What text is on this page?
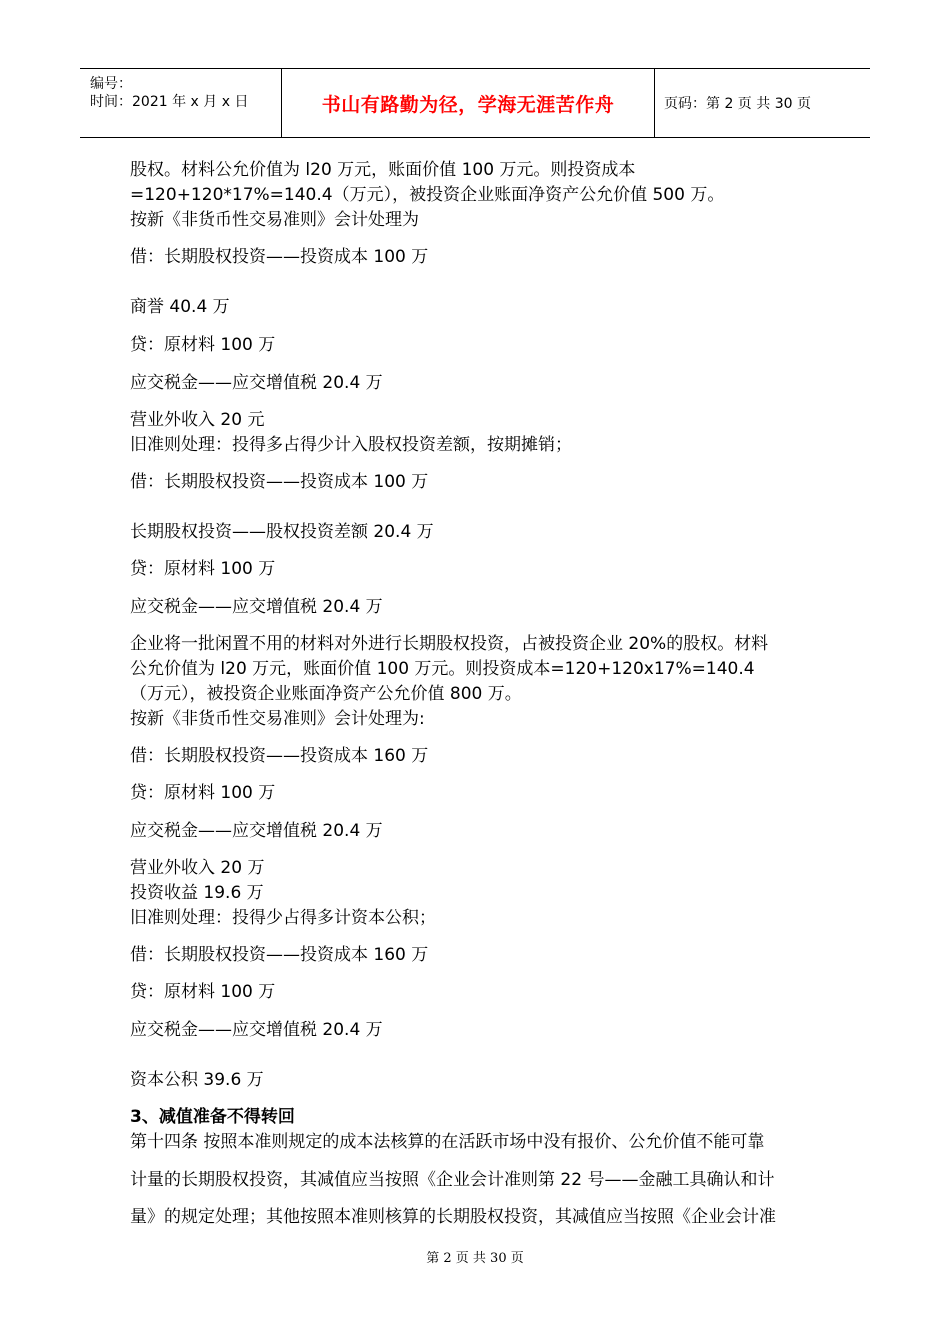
编号：
时间：2021 年 x 月 x 日	书山有路勤为径，学海无涯苦作舟	页码：第 2 页 共 30 页
股权。材料公允价值为 l20 万元，账面价值 100 万元。则投资成本
=120+120*17%=140.4（万元），被投资企业账面净资产公允价值 500 万。
按新《非货币性交易准则》会计处理为
借：长期股权投资——投资成本 100 万
商誉 40.4 万
贷：原材料 100 万
应交税金——应交增值税 20.4 万
营业外收入 20 元
旧准则处理：投得多占得少计入股权投资差额，按期摊销；
借：长期股权投资——投资成本 100 万
长期股权投资——股权投资差额 20.4 万
贷：原材料 100 万
应交税金——应交增值税 20.4 万
企业将一批闲置不用的材料对外进行长期股权投资，占被投资企业 20%的股权。材料
公允价值为 l20 万元，账面价值 100 万元。则投资成本=120+120x17%=140.4
（万元），被投资企业账面净资产公允价值 800 万。
按新《非货币性交易准则》会计处理为:
借：长期股权投资——投资成本 160 万
贷：原材料 100 万
应交税金——应交增值税 20.4 万
营业外收入 20 万
投资收益 19.6 万
旧准则处理：投得少占得多计资本公积；
借：长期股权投资——投资成本 160 万
贷：原材料 100 万
应交税金——应交增值税 20.4 万
资本公积 39.6 万
3、减值准备不得转回
第十四条 按照本准则规定的成本法核算的在活跃市场中没有报价、公允价值不能可靠
计量的长期股权投资，其减值应当按照《企业会计准则第 22 号——金融工具确认和计
量》的规定处理；其他按照本准则核算的长期股权投资，其减值应当按照《企业会计准
第 2 页 共 30 页
